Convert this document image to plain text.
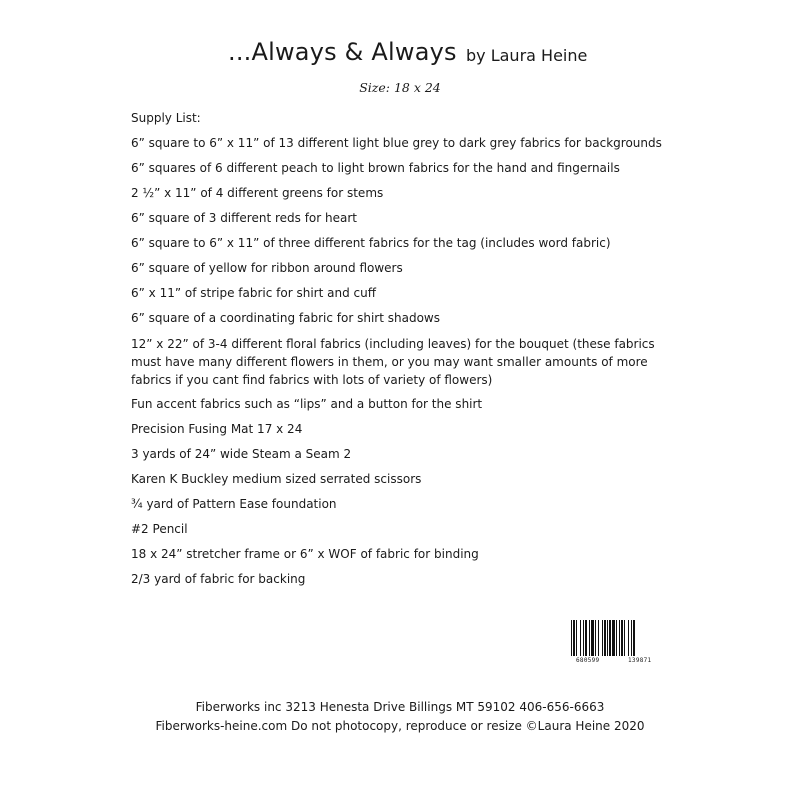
...Always & Always by Laura Heine
Size: 18 x 24
Supply List:
6” square to 6” x 11” of 13 different light blue grey to dark grey fabrics for backgrounds
6” squares of 6 different peach to light brown fabrics for the hand and fingernails
2 ½” x 11” of 4 different greens for stems
6” square of 3 different reds for heart
6” square to 6” x 11” of three different fabrics for the tag (includes word fabric)
6” square of yellow for ribbon around flowers
6” x 11” of stripe fabric for shirt and cuff
6” square of a coordinating fabric for shirt shadows
12” x 22” of 3-4 different floral fabrics (including leaves) for the bouquet (these fabrics must have many different flowers in them, or you may want smaller amounts of more fabrics if you cant find fabrics with lots of variety of flowers)
Fun accent fabrics such as “lips” and a button for the shirt
Precision Fusing Mat 17 x 24
3 yards of 24” wide Steam a Seam 2
Karen K Buckley medium sized serrated scissors
¾ yard of Pattern Ease foundation
#2 Pencil
18 x 24” stretcher frame or 6” x WOF of fabric for binding
2/3 yard of fabric for backing
680599	139871
Fiberworks inc 3213 Henesta Drive Billings MT 59102 406-656-6663
Fiberworks-heine.com Do not photocopy, reproduce or resize ©Laura Heine 2020
